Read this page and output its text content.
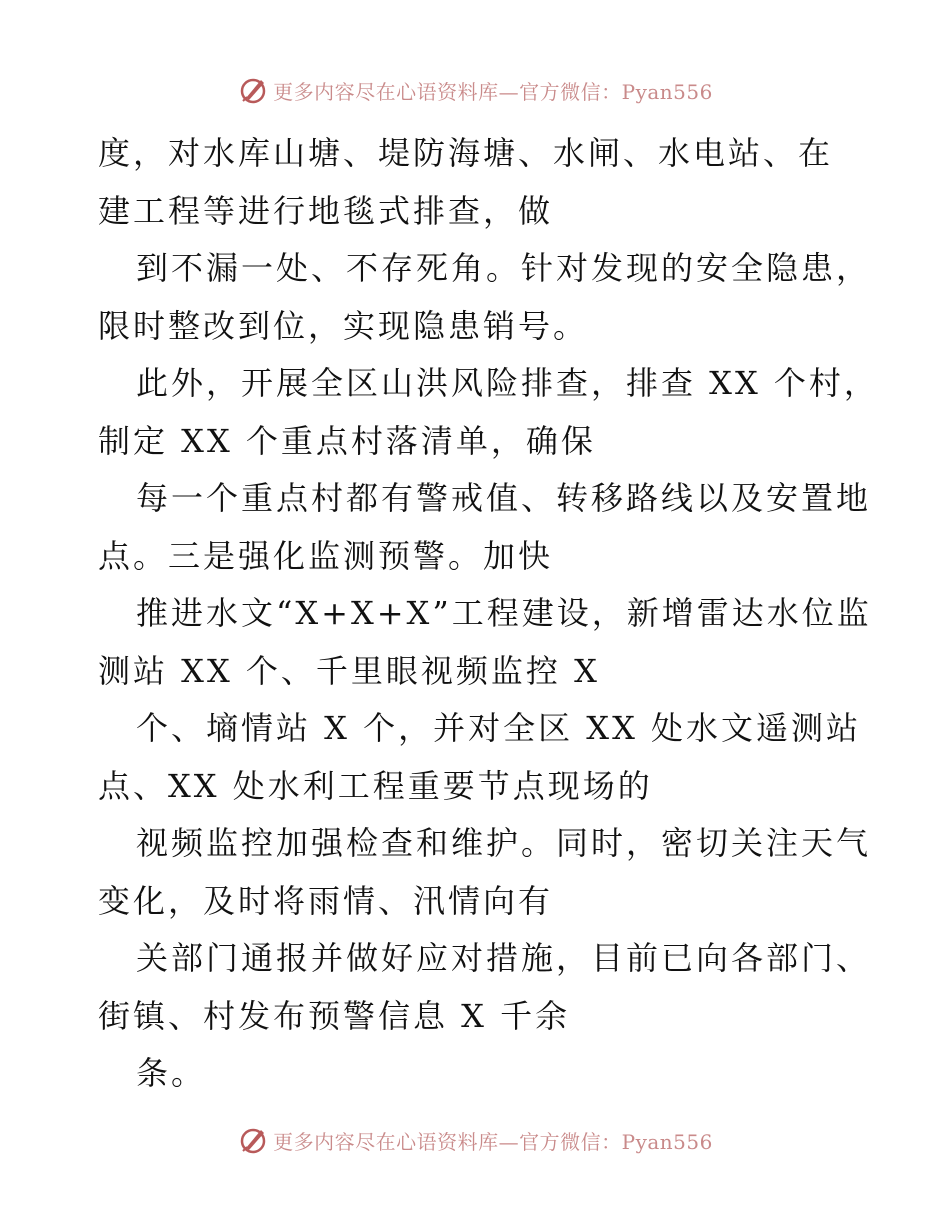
更多内容尽在心语资料库—官方微信：Pyan556
度，对水库山塘、堤防海塘、水闸、水电站、在
建工程等进行地毯式排查，做
到不漏一处、不存死角。针对发现的安全隐患，
限时整改到位，实现隐患销号。
此外，开展全区山洪风险排查，排查 XX 个村，
制定 XX 个重点村落清单，确保
每一个重点村都有警戒值、转移路线以及安置地
点。三是强化监测预警。加快
推进水文“X+X+X”工程建设，新增雷达水位监
测站 XX 个、千里眼视频监控 X
个、墒情站 X 个，并对全区 XX 处水文遥测站
点、XX 处水利工程重要节点现场的
视频监控加强检查和维护。同时，密切关注天气
变化，及时将雨情、汛情向有
关部门通报并做好应对措施，目前已向各部门、
街镇、村发布预警信息 X 千余
条。
更多内容尽在心语资料库—官方微信：Pyan556
